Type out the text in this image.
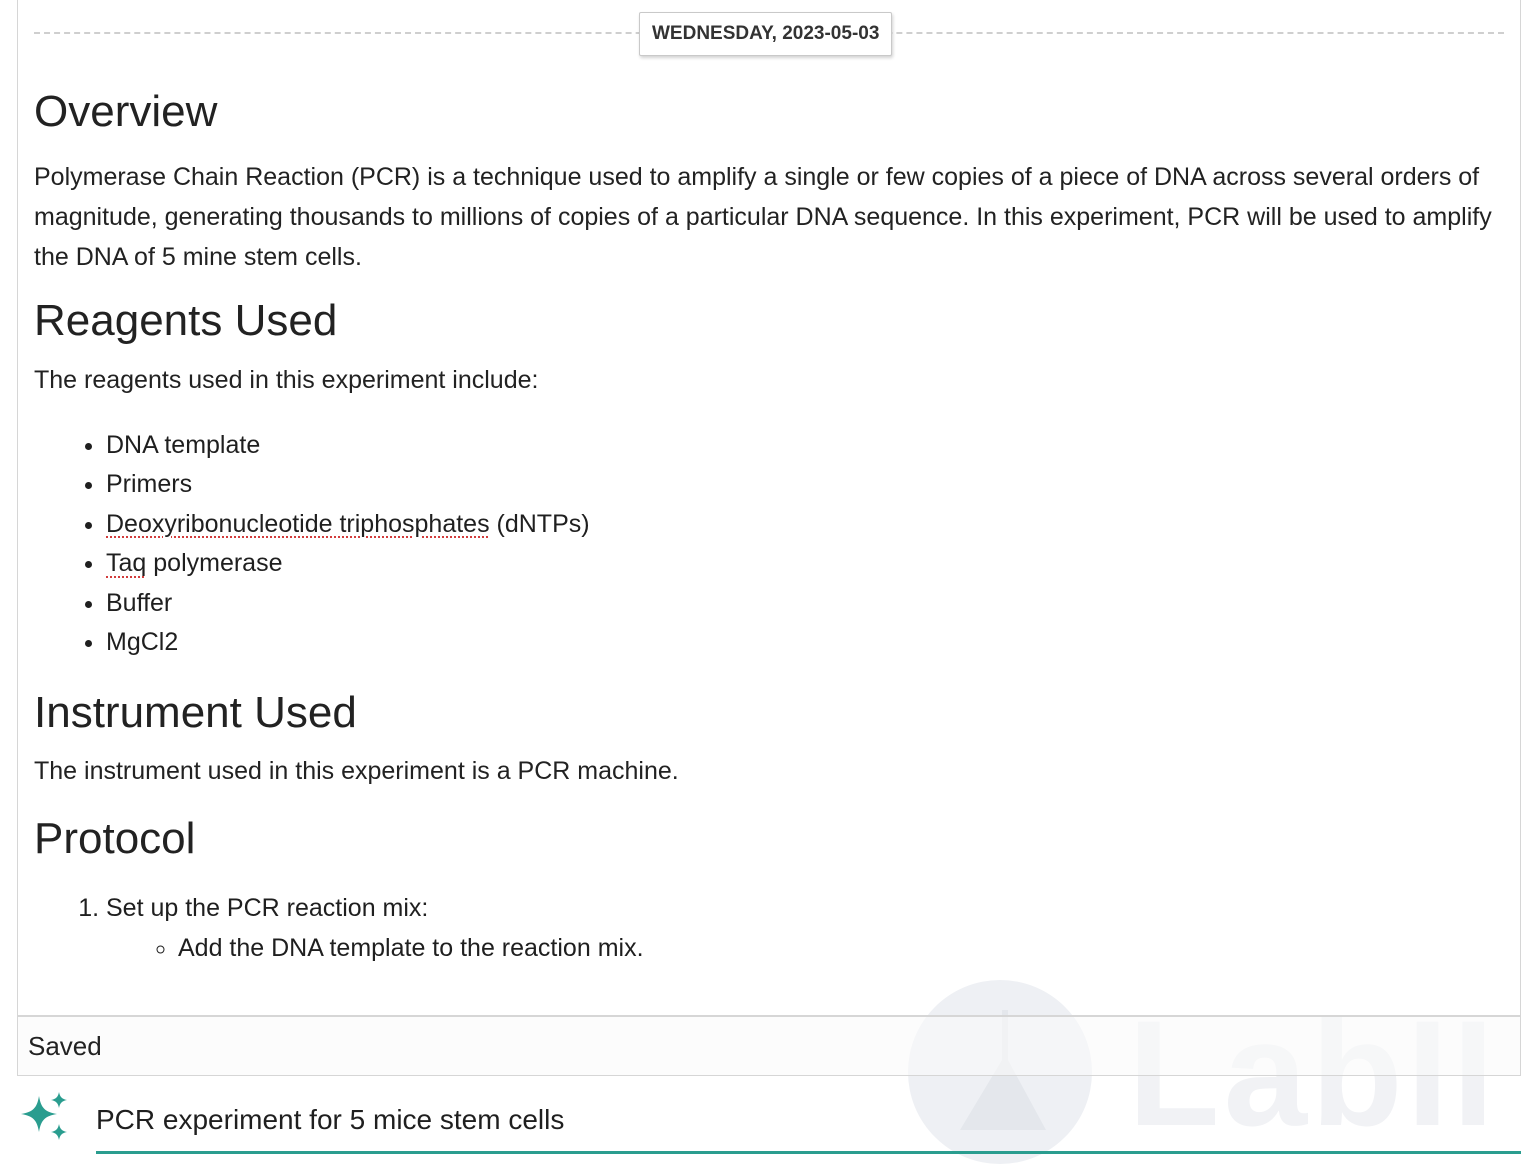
WEDNESDAY, 2023-05-03
Overview

Polymerase Chain Reaction (PCR) is a technique used to amplify a single or few copies of a piece of DNA across several orders of magnitude, generating thousands to millions of copies of a particular DNA sequence. In this experiment, PCR will be used to amplify the DNA of 5 mine stem cells.

Reagents Used

The reagents used in this experiment include:

• DNA template
• Primers
• Deoxyribonucleotide triphosphates (dNTPs)
• Taq polymerase
• Buffer
• MgCl2
Instrument Used

The instrument used in this experiment is a PCR machine.

Protocol
1. Set up the PCR reaction mix:
◦ Add the DNA template to the reaction mix.
Saved
PCR experiment for 5 mice stem cells
